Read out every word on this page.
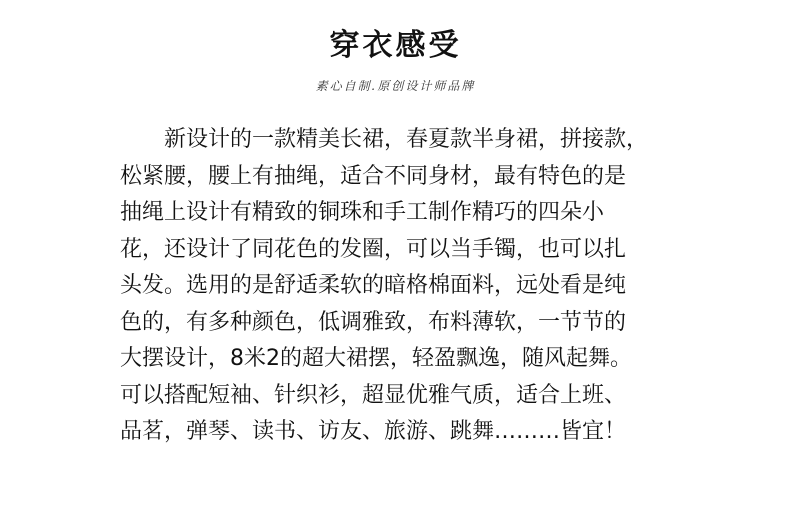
穿衣感受
素心自制.原创设计师品牌

新设计的一款精美长裙，春夏款半身裙，拼接款，
松紧腰，腰上有抽绳，适合不同身材，最有特色的是
抽绳上设计有精致的铜珠和手工制作精巧的四朵小
花，还设计了同花色的发圈，可以当手镯，也可以扎
头发。选用的是舒适柔软的暗格棉面料，远处看是纯
色的，有多种颜色，低调雅致，布料薄软，一节节的
大摆设计，8米2的超大裙摆，轻盈飘逸，随风起舞。
可以搭配短袖、针织衫，超显优雅气质，适合上班、
品茗，弹琴、读书、访友、旅游、跳舞………皆宜！
